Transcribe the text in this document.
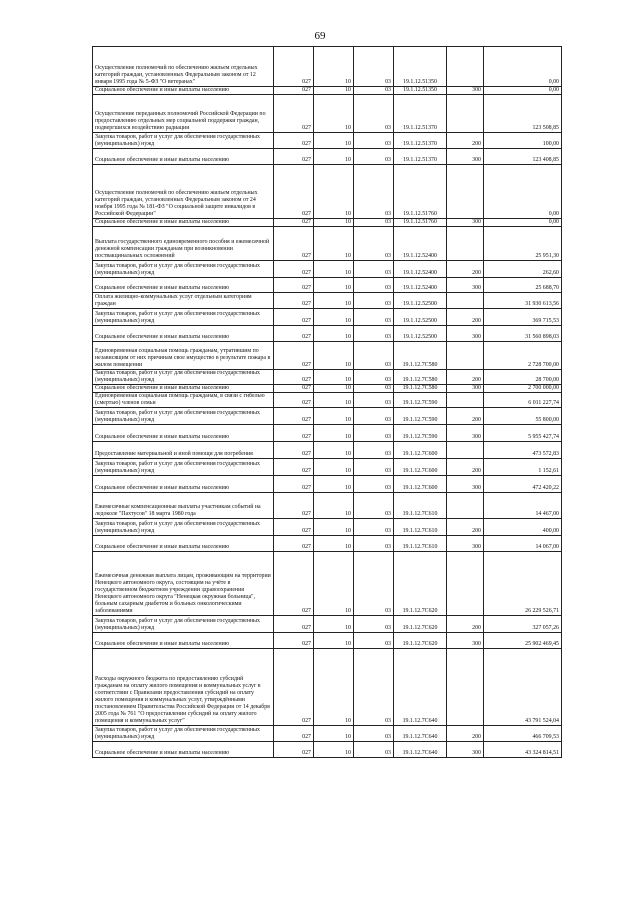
69
Осуществление полномочий по обеспечению жильем отдельных категорий граждан, установленных Федеральным законом от 12 января 1995 года № 5-ФЗ "О ветеранах"	027	10	03	19.1.12.51350		0,00
Социальное обеспечение и иные выплаты населению	027	10	03	19.1.12.51350	300	0,00
Осуществление переданных полномочий Российской Федерации по предоставлению отдельных мер социальной поддержки граждан, подвергшихся воздействию радиации	027	10	03	19.1.12.51370		123 508,85
Закупка товаров, работ и услуг для обеспечения государственных (муниципальных) нужд	027	10	03	19.1.12.51370	200	100,00
Социальное обеспечение и иные выплаты населению	027	10	03	19.1.12.51370	300	123 408,85
Осуществление полномочий по обеспечению жильем отдельных категорий граждан, установленных Федеральным законом от 24 ноября 1995 года № 181-ФЗ "О социальной защите инвалидов в Российской Федерации"	027	10	03	19.1.12.51760		0,00
Социальное обеспечение и иные выплаты населению	027	10	03	19.1.12.51760	300	0,00
Выплата государственного единовременного пособия и ежемесячной денежной компенсации гражданам при возникновении поствакцинальных осложнений	027	10	03	19.1.12.52400		25 951,30
Закупка товаров, работ и услуг для обеспечения государственных (муниципальных) нужд	027	10	03	19.1.12.52400	200	262,60
Социальное обеспечение и иные выплаты населению	027	10	03	19.1.12.52400	300	25 688,70
Оплата жилищно-коммунальных услуг отдельным категориям граждан	027	10	03	19.1.12.52500		31 930 613,56
Закупка товаров, работ и услуг для обеспечения государственных (муниципальных) нужд	027	10	03	19.1.12.52500	200	369 715,53
Социальное обеспечение и иные выплаты населению	027	10	03	19.1.12.52500	300	31 560 898,03
Единовременная социальная помощь гражданам, утратившим по независящим от них причинам свое имущество в результате пожара в жилом помещении	027	10	03	19.1.12.7С580		2 728 700,00
Закупка товаров, работ и услуг для обеспечения государственных (муниципальных) нужд	027	10	03	19.1.12.7С580	200	28 700,00
Социальное обеспечение и иные выплаты населению	027	10	03	19.1.12.7С580	300	2 700 000,00
Единовременная социальная помощь гражданам, в связи с гибелью (смертью) членов семьи	027	10	03	19.1.12.7С590		6 011 227,74
Закупка товаров, работ и услуг для обеспечения государственных (муниципальных) нужд	027	10	03	19.1.12.7С590	200	55 800,00
Социальное обеспечение и иные выплаты населению	027	10	03	19.1.12.7С590	300	5 955 427,74
Предоставление материальной и иной помощи для погребения	027	10	03	19.1.12.7С600		473 572,83
Закупка товаров, работ и услуг для обеспечения государственных (муниципальных) нужд	027	10	03	19.1.12.7С600	200	1 152,61
Социальное обеспечение и иные выплаты населению	027	10	03	19.1.12.7С600	300	472 420,22
Ежемесячные компенсационные выплаты участникам событий на ледоколе "Пахтусов" 18 марта 1980 года	027	10	03	19.1.12.7С610		14 467,00
Закупка товаров, работ и услуг для обеспечения государственных (муниципальных) нужд	027	10	03	19.1.12.7С610	200	400,00
Социальное обеспечение и иные выплаты населению	027	10	03	19.1.12.7С610	300	14 067,00
Ежемесячная денежная выплата лицам, проживающим на территории Ненецкого автономного округа, состоящим на учёте в государственном бюджетном учреждении здравоохранения Ненецкого автономного округа "Ненецкая окружная больница", больным сахарным диабетом и больных онкологическими заболеваниями	027	10	03	19.1.12.7С620		26 229 526,71
Закупка товаров, работ и услуг для обеспечения государственных (муниципальных) нужд	027	10	03	19.1.12.7С620	200	327 057,26
Социальное обеспечение и иные выплаты населению	027	10	03	19.1.12.7С620	300	25 902 469,45
Расходы окружного бюджета по предоставлению субсидий гражданам на оплату жилого помещения и коммунальных услуг в соответствии с Правилами предоставления субсидий на оплату жилого помещения и коммунальных услуг, утверждёнными постановлением Правительства Российской Федерации от 14 декабря 2005 года № 761 "О предоставлении субсидий на оплату жилого помещения и коммунальных услуг"	027	10	03	19.1.12.7С640		43 791 524,04
Закупка товаров, работ и услуг для обеспечения государственных (муниципальных) нужд	027	10	03	19.1.12.7С640	200	466 709,53
Социальное обеспечение и иные выплаты населению	027	10	03	19.1.12.7С640	300	43 324 814,51
